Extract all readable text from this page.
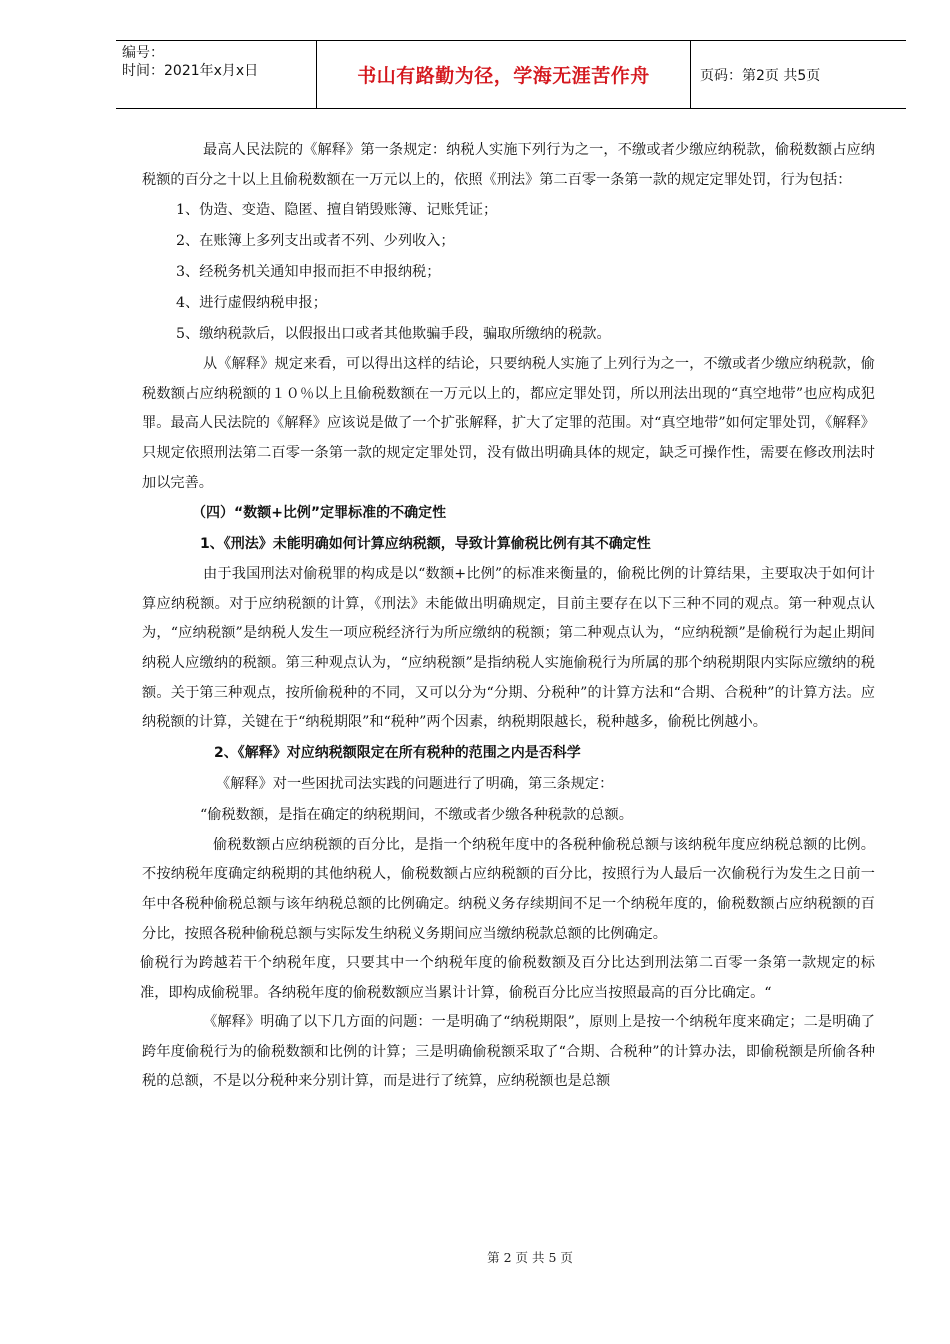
编号：
时间：2021年x月x日	书山有路勤为径，学海无涯苦作舟	页码：第2页 共5页

最高人民法院的《解释》第一条规定：纳税人实施下列行为之一，不缴或者少缴应纳税款，偷税数额占应纳税额的百分之十以上且偷税数额在一万元以上的，依照《刑法》第二百零一条第一款的规定定罪处罚，行为包括：

1、伪造、变造、隐匿、擅自销毁账簿、记账凭证；

2、在账簿上多列支出或者不列、少列收入；

3、经税务机关通知申报而拒不申报纳税；

4、进行虚假纳税申报；

5、缴纳税款后，以假报出口或者其他欺骗手段，骗取所缴纳的税款。

从《解释》规定来看，可以得出这样的结论，只要纳税人实施了上列行为之一，不缴或者少缴应纳税款，偷税数额占应纳税额的１０％以上且偷税数额在一万元以上的，都应定罪处罚，所以刑法出现的“真空地带”也应构成犯罪。最高人民法院的《解释》应该说是做了一个扩张解释，扩大了定罪的范围。对“真空地带”如何定罪处罚，《解释》只规定依照刑法第二百零一条第一款的规定定罪处罚，没有做出明确具体的规定，缺乏可操作性，需要在修改刑法时加以完善。

（四）“数额+比例”定罪标准的不确定性

1、《刑法》未能明确如何计算应纳税额，导致计算偷税比例有其不确定性

由于我国刑法对偷税罪的构成是以“数额+比例”的标准来衡量的，偷税比例的计算结果，主要取决于如何计算应纳税额。对于应纳税额的计算，《刑法》未能做出明确规定，目前主要存在以下三种不同的观点。第一种观点认为，“应纳税额”是纳税人发生一项应税经济行为所应缴纳的税额；第二种观点认为，“应纳税额”是偷税行为起止期间纳税人应缴纳的税额。第三种观点认为，“应纳税额”是指纳税人实施偷税行为所属的那个纳税期限内实际应缴纳的税额。关于第三种观点，按所偷税种的不同，又可以分为“分期、分税种”的计算方法和“合期、合税种”的计算方法。应纳税额的计算，关键在于“纳税期限”和“税种”两个因素，纳税期限越长，税种越多，偷税比例越小。

2、《解释》对应纳税额限定在所有税种的范围之内是否科学

《解释》对一些困扰司法实践的问题进行了明确，第三条规定：

“偷税数额，是指在确定的纳税期间，不缴或者少缴各种税款的总额。

偷税数额占应纳税额的百分比，是指一个纳税年度中的各税种偷税总额与该纳税年度应纳税总额的比例。不按纳税年度确定纳税期的其他纳税人，偷税数额占应纳税额的百分比，按照行为人最后一次偷税行为发生之日前一年中各税种偷税总额与该年纳税总额的比例确定。纳税义务存续期间不足一个纳税年度的，偷税数额占应纳税额的百分比，按照各税种偷税总额与实际发生纳税义务期间应当缴纳税款总额的比例确定。

偷税行为跨越若干个纳税年度，只要其中一个纳税年度的偷税数额及百分比达到刑法第二百零一条第一款规定的标准，即构成偷税罪。各纳税年度的偷税数额应当累计计算，偷税百分比应当按照最高的百分比确定。“

《解释》明确了以下几方面的问题：一是明确了“纳税期限”，原则上是按一个纳税年度来确定；二是明确了跨年度偷税行为的偷税数额和比例的计算；三是明确偷税额采取了“合期、合税种”的计算办法，即偷税额是所偷各种税的总额，不是以分税种来分别计算，而是进行了统算，应纳税额也是总额

第 2 页 共 5 页
